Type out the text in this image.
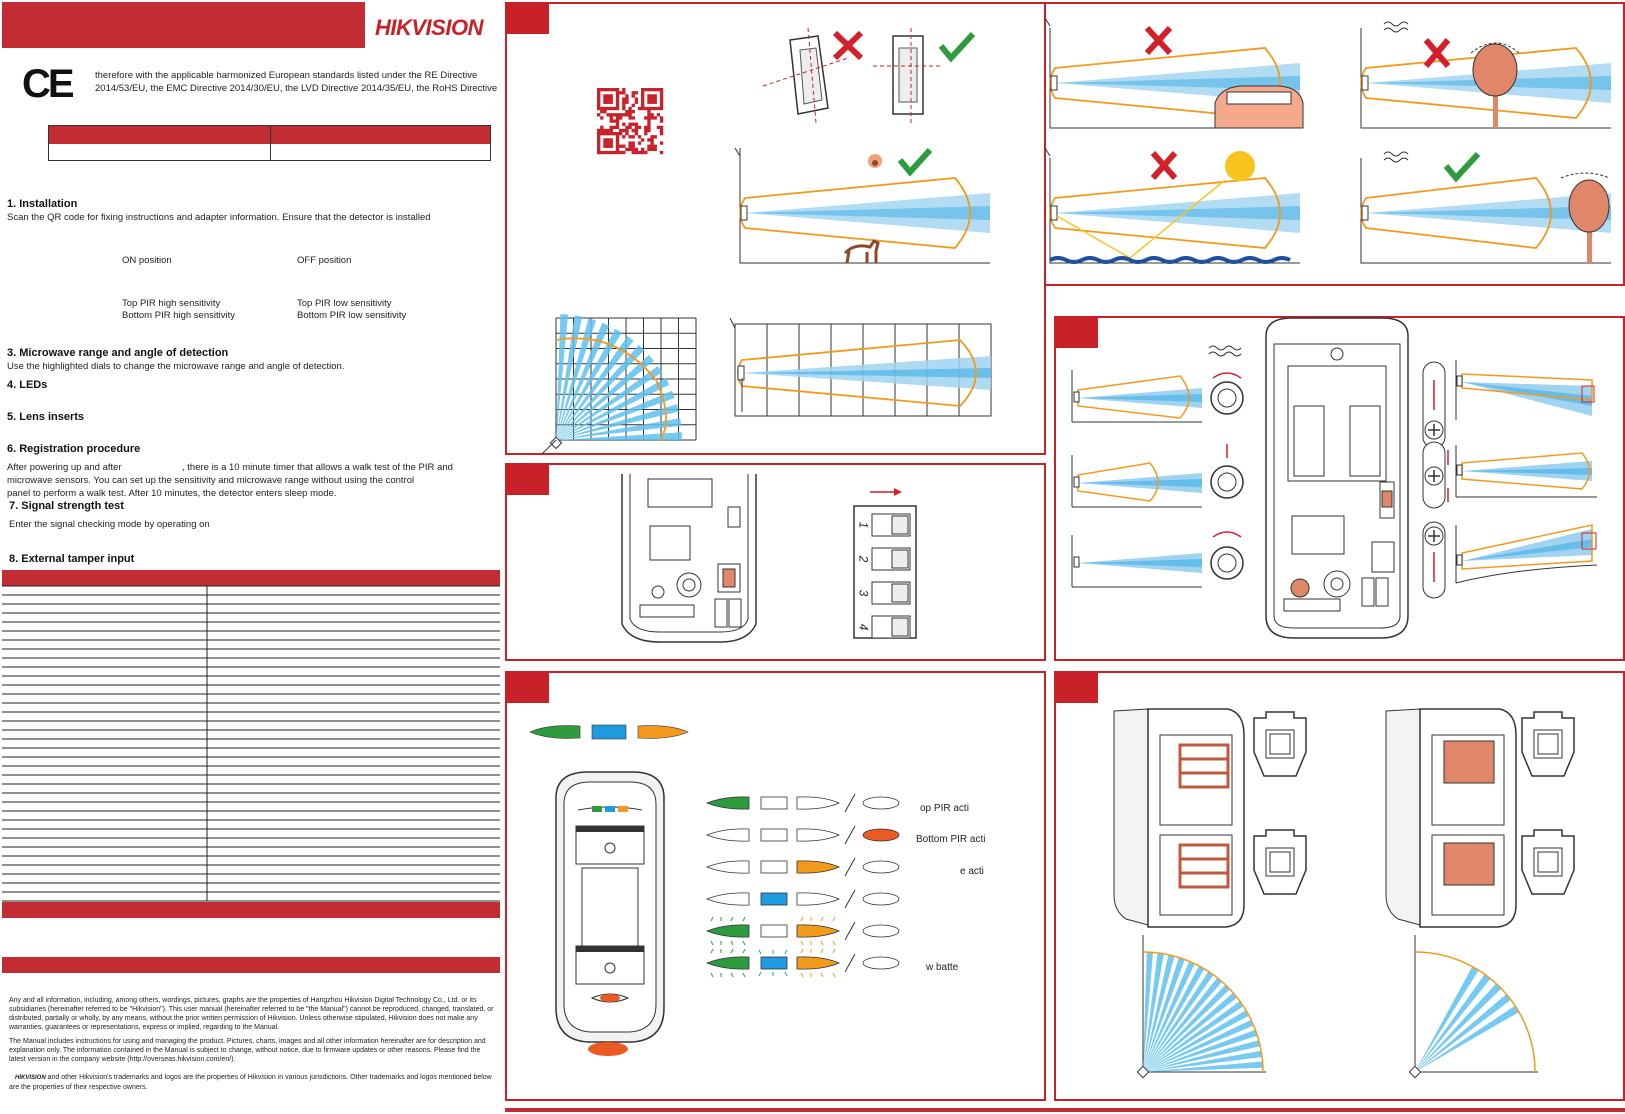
HIKVISION
CE therefore with the applicable harmonized European standards listed under the RE Directive
2014/53/EU, the EMC Directive 2014/30/EU, the LVD Directive 2014/35/EU, the RoHS Directive
1. Installation
Scan the QR code for fixing instructions and adapter information. Ensure that the detector is installed
ON position	OFF position
Top PIR high sensitivity
Bottom PIR high sensitivity
Top PIR low sensitivity
Bottom PIR low sensitivity
3. Microwave range and angle of detection
Use the highlighted dials to change the microwave range and angle of detection.
4. LEDs
5. Lens inserts
6. Registration procedure
After powering up and after	, there is a 10 minute timer that allows a walk test of the PIR and
microwave sensors. You can set up the sensitivity and microwave range without using the control
panel to perform a walk test. After 10 minutes, the detector enters sleep mode.
7. Signal strength test
Enter the signal checking mode by operating on
8. External tamper input
Any and all information, including, among others, wordings, pictures, graphs are the properties of Hangzhou Hikvision Digital Technology Co., Ltd. or its subsidiaries (hereinafter referred to be "Hikvision"). This user manual (hereinafter referred to be "the Manual") cannot be reproduced, changed, translated, or distributed, partially or wholly, by any means, without the prior written permission of Hikvision. Unless otherwise stipulated, Hikvision does not make any warranties, guarantees or representations, express or implied, regarding to the Manual.
The Manual includes instructions for using and managing the product. Pictures, charts, images and all other information hereinafter are for description and explanation only. The information contained in the Manual is subject to change, without notice, due to firmware updates or other reasons. Please find the latest version in the company website (http://overseas.hikvision.com/en/).
HIKVISION and other Hikvision's trademarks and logos are the properties of Hikvision in various jurisdictions. Other trademarks and logos mentioned below are the properties of their respective owners.
1
2
3
4
op PIR acti
Bottom PIR acti
e acti
w batte
